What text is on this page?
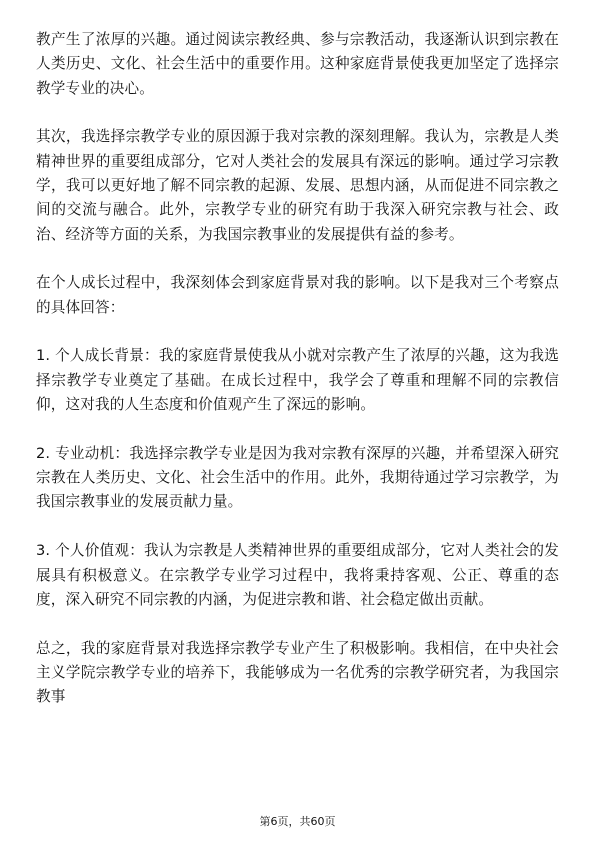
教产生了浓厚的兴趣。通过阅读宗教经典、参与宗教活动，我逐渐认识到宗教在人类历史、文化、社会生活中的重要作用。这种家庭背景使我更加坚定了选择宗教学专业的决心。

其次，我选择宗教学专业的原因源于我对宗教的深刻理解。我认为，宗教是人类精神世界的重要组成部分，它对人类社会的发展具有深远的影响。通过学习宗教学，我可以更好地了解不同宗教的起源、发展、思想内涵，从而促进不同宗教之间的交流与融合。此外，宗教学专业的研究有助于我深入研究宗教与社会、政治、经济等方面的关系，为我国宗教事业的发展提供有益的参考。

在个人成长过程中，我深刻体会到家庭背景对我的影响。以下是我对三个考察点的具体回答：

1. 个人成长背景：我的家庭背景使我从小就对宗教产生了浓厚的兴趣，这为我选择宗教学专业奠定了基础。在成长过程中，我学会了尊重和理解不同的宗教信仰，这对我的人生态度和价值观产生了深远的影响。

2. 专业动机：我选择宗教学专业是因为我对宗教有深厚的兴趣，并希望深入研究宗教在人类历史、文化、社会生活中的作用。此外，我期待通过学习宗教学，为我国宗教事业的发展贡献力量。

3. 个人价值观：我认为宗教是人类精神世界的重要组成部分，它对人类社会的发展具有积极意义。在宗教学专业学习过程中，我将秉持客观、公正、尊重的态度，深入研究不同宗教的内涵，为促进宗教和谐、社会稳定做出贡献。

总之，我的家庭背景对我选择宗教学专业产生了积极影响。我相信，在中央社会主义学院宗教学专业的培养下，我能够成为一名优秀的宗教学研究者，为我国宗教事

第6页，共60页
